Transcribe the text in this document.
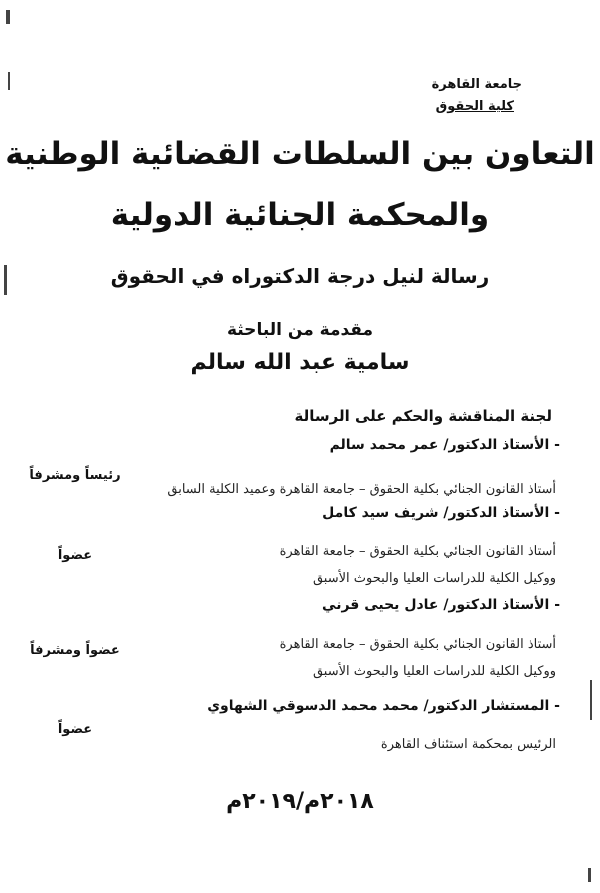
جامعة القاهرة
كلية الحقوق
التعاون بين السلطات القضائية الوطنية
والمحكمة الجنائية الدولية
رسالة لنيل درجة الدكتوراه في الحقوق
مقدمة من الباحثة
سامية عبد الله سالم
لجنة المناقشة والحكم على الرسالة
- الأستاذ الدكتور/ عمر محمد سالم
أستاذ القانون الجنائي بكلية الحقوق – جامعة القاهرة وعميد الكلية السابق
رئيساً ومشرفاً
- الأستاذ الدكتور/ شريف سيد كامل
أستاذ القانون الجنائي بكلية الحقوق – جامعة القاهرة
ووكيل الكلية للدراسات العليا والبحوث الأسبق
عضواً
- الأستاذ الدكتور/ عادل يحيى قرني
أستاذ القانون الجنائي بكلية الحقوق – جامعة القاهرة
ووكيل الكلية للدراسات العليا والبحوث الأسبق
عضواً ومشرفاً
- المستشار الدكتور/ محمد محمد الدسوقي الشهاوي
الرئيس بمحكمة استئناف القاهرة
عضواً
٢٠١٨م/٢٠١٩م
